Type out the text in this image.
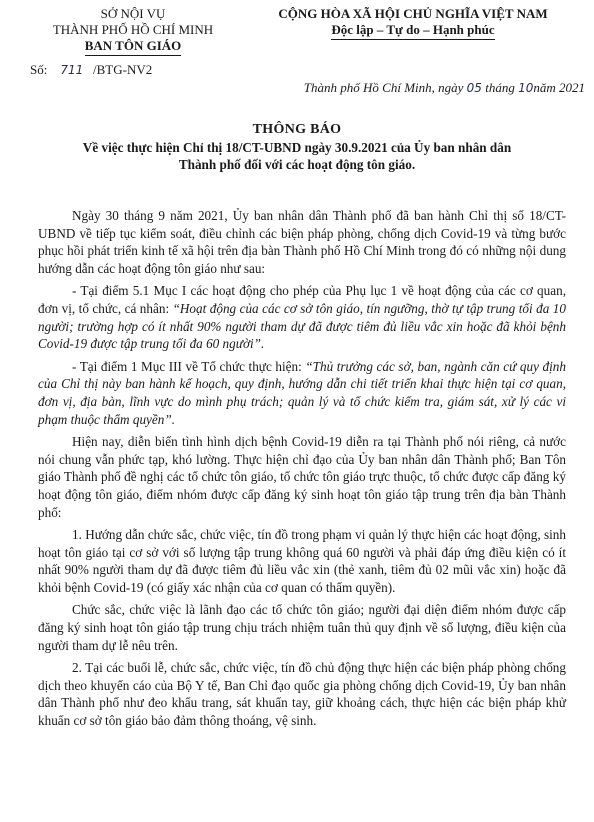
SỞ NỘI VỤ
THÀNH PHỐ HỒ CHÍ MINH
BAN TÔN GIÁO
CỘNG HÒA XÃ HỘI CHỦ NGHĨA VIỆT NAM
Độc lập – Tự do – Hạnh phúc
Số: 711 /BTG-NV2
Thành phố Hồ Chí Minh, ngày 05 tháng 10năm 2021
THÔNG BÁO
Về việc thực hiện Chỉ thị 18/CT-UBND ngày 30.9.2021 của Ủy ban nhân dân
Thành phố đối với các hoạt động tôn giáo.

Ngày 30 tháng 9 năm 2021, Ủy ban nhân dân Thành phố đã ban hành Chỉ thị số 18/CT-UBND về tiếp tục kiểm soát, điều chỉnh các biện pháp phòng, chống dịch Covid-19 và từng bước phục hồi phát triển kinh tế xã hội trên địa bàn Thành phố Hồ Chí Minh trong đó có những nội dung hướng dẫn các hoạt động tôn giáo như sau:

- Tại điểm 5.1 Mục I các hoạt động cho phép của Phụ lục 1 về hoạt động của các cơ quan, đơn vị, tổ chức, cá nhân: “Hoạt động của các cơ sở tôn giáo, tín ngưỡng, thờ tự tập trung tối đa 10 người; trường hợp có ít nhất 90% người tham dự đã được tiêm đủ liều vắc xin hoặc đã khỏi bệnh Covid-19 được tập trung tối đa 60 người”.

- Tại điểm 1 Mục III về Tổ chức thực hiện: “Thủ trưởng các sở, ban, ngành căn cứ quy định của Chỉ thị này ban hành kế hoạch, quy định, hướng dẫn chi tiết triển khai thực hiện tại cơ quan, đơn vị, địa bàn, lĩnh vực do mình phụ trách; quản lý và tổ chức kiểm tra, giám sát, xử lý các vi phạm thuộc thẩm quyền”.

Hiện nay, diễn biến tình hình dịch bệnh Covid-19 diễn ra tại Thành phố nói riêng, cả nước nói chung vẫn phức tạp, khó lường. Thực hiện chỉ đạo của Ủy ban nhân dân Thành phố; Ban Tôn giáo Thành phố đề nghị các tổ chức tôn giáo, tổ chức tôn giáo trực thuộc, tổ chức được cấp đăng ký hoạt động tôn giáo, điểm nhóm được cấp đăng ký sinh hoạt tôn giáo tập trung trên địa bàn Thành phố:

1. Hướng dẫn chức sắc, chức việc, tín đồ trong phạm vi quản lý thực hiện các hoạt động, sinh hoạt tôn giáo tại cơ sở với số lượng tập trung không quá 60 người và phải đáp ứng điều kiện có ít nhất 90% người tham dự đã được tiêm đủ liều vắc xin (thẻ xanh, tiêm đủ 02 mũi vắc xin) hoặc đã khỏi bệnh Covid-19 (có giấy xác nhận của cơ quan có thẩm quyền).

Chức sắc, chức việc là lãnh đạo các tổ chức tôn giáo; người đại diện điểm nhóm được cấp đăng ký sinh hoạt tôn giáo tập trung chịu trách nhiệm tuân thủ quy định về số lượng, điều kiện của người tham dự lễ nêu trên.

2. Tại các buổi lễ, chức sắc, chức việc, tín đồ chủ động thực hiện các biện pháp phòng chống dịch theo khuyến cáo của Bộ Y tế, Ban Chỉ đạo quốc gia phòng chống dịch Covid-19, Ủy ban nhân dân Thành phố như đeo khẩu trang, sát khuẩn tay, giữ khoảng cách, thực hiện các biện pháp khử khuẩn cơ sở tôn giáo bảo đảm thông thoáng, vệ sinh.
